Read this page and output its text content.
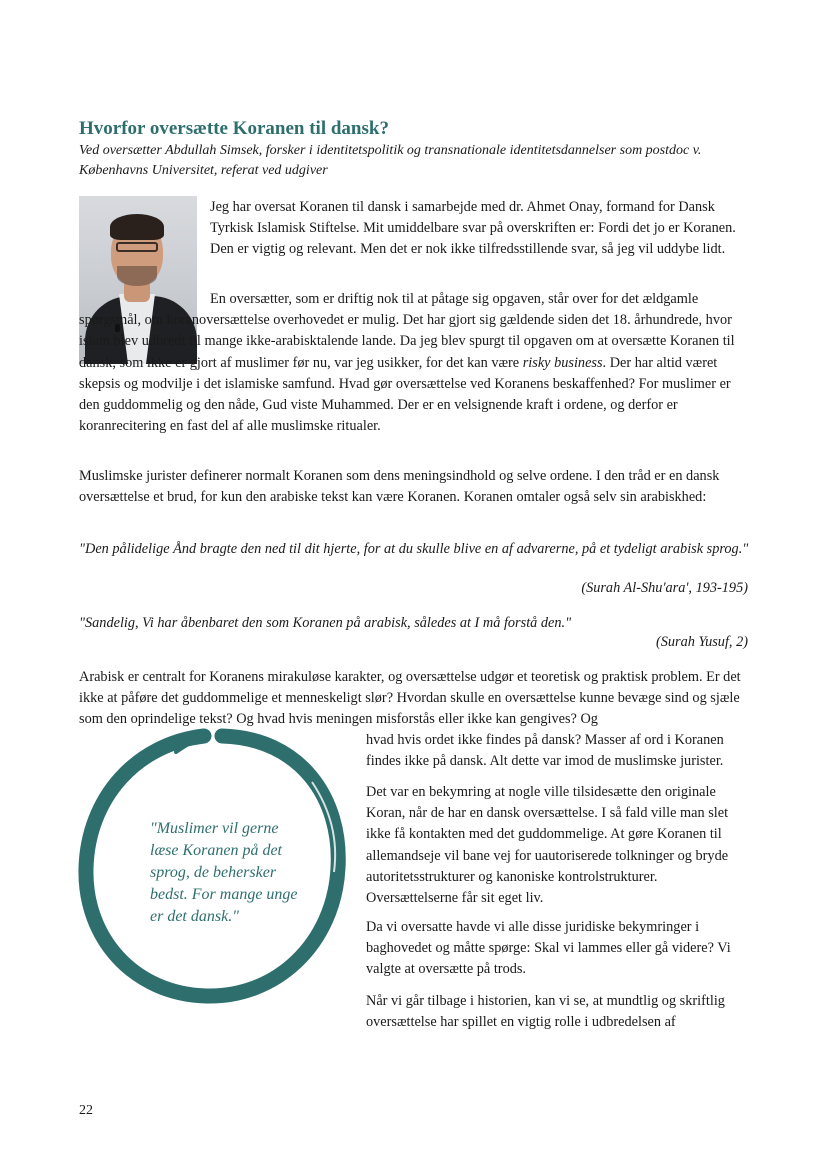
Hvorfor oversætte Koranen til dansk?
Ved oversætter Abdullah Simsek, forsker i identitetspolitik og transnationale identitetsdannelser som postdoc v. Københavns Universitet, referat ved udgiver

Jeg har oversat Koranen til dansk i samarbejde med dr. Ahmet Onay, formand for Dansk Tyrkisk Islamisk Stiftelse. Mit umiddelbare svar på overskriften er: Fordi det jo er Koranen. Den er vigtig og relevant. Men det er nok ikke tilfredsstillende svar, så jeg vil uddybe lidt.

En oversætter, som er driftig nok til at påtage sig opgaven, står over for det ældgamle spørgsmål, om koranoversættelse overhovedet er mulig. Det har gjort sig gældende siden det 18. århundrede, hvor islam blev udbredt til mange ikke-arabisktalende lande. Da jeg blev spurgt til opgaven om at oversætte Koranen til dansk, som ikke er gjort af muslimer før nu, var jeg usikker, for det kan være risky business. Der har altid været skepsis og modvilje i det islamiske samfund. Hvad gør oversættelse ved Koranens beskaffenhed? For muslimer er den guddommelig og den nåde, Gud viste Muhammed. Der er en velsignende kraft i ordene, og derfor er koranrecitering en fast del af alle muslimske ritualer.

Muslimske jurister definerer normalt Koranen som dens meningsindhold og selve ordene. I den tråd er en dansk oversættelse et brud, for kun den arabiske tekst kan være Koranen. Koranen omtaler også selv sin arabiskhed:

"Den pålidelige Ånd bragte den ned til dit hjerte, for at du skulle blive en af advarerne, på et tydeligt arabisk sprog."

(Surah Al-Shu'ara', 193-195)

"Sandelig, Vi har åbenbaret den som Koranen på arabisk, således at I må forstå den."

(Surah Yusuf, 2)

Arabisk er centralt for Koranens mirakuløse karakter, og oversættelse udgør et teoretisk og praktisk problem. Er det ikke at påføre det guddommelige et menneskeligt slør? Hvordan skulle en oversættelse kunne bevæge sind og sjæle som den oprindelige tekst? Og hvad hvis meningen misforstås eller ikke kan gengives? Og

hvad hvis ordet ikke findes på dansk? Masser af ord i Koranen findes ikke på dansk. Alt dette var imod de muslimske jurister.

Det var en bekymring at nogle ville tilsidesætte den originale Koran, når de har en dansk oversættelse. I så fald ville man slet ikke få kontakten med det guddommelige. At gøre Koranen til allemandseje vil bane vej for uautoriserede tolkninger og bryde autoritetsstrukturer og kanoniske kontrolstrukturer. Oversættelserne får sit eget liv.

Da vi oversatte havde vi alle disse juridiske bekymringer i baghovedet og måtte spørge: Skal vi lammes eller gå videre? Vi valgte at oversætte på trods.

Når vi går tilbage i historien, kan vi se, at mundtlig og skriftlig oversættelse har spillet en vigtig rolle i udbredelsen af

"Muslimer vil gerne læse Koranen på det sprog, de behersker bedst. For mange unge er det dansk."
22
